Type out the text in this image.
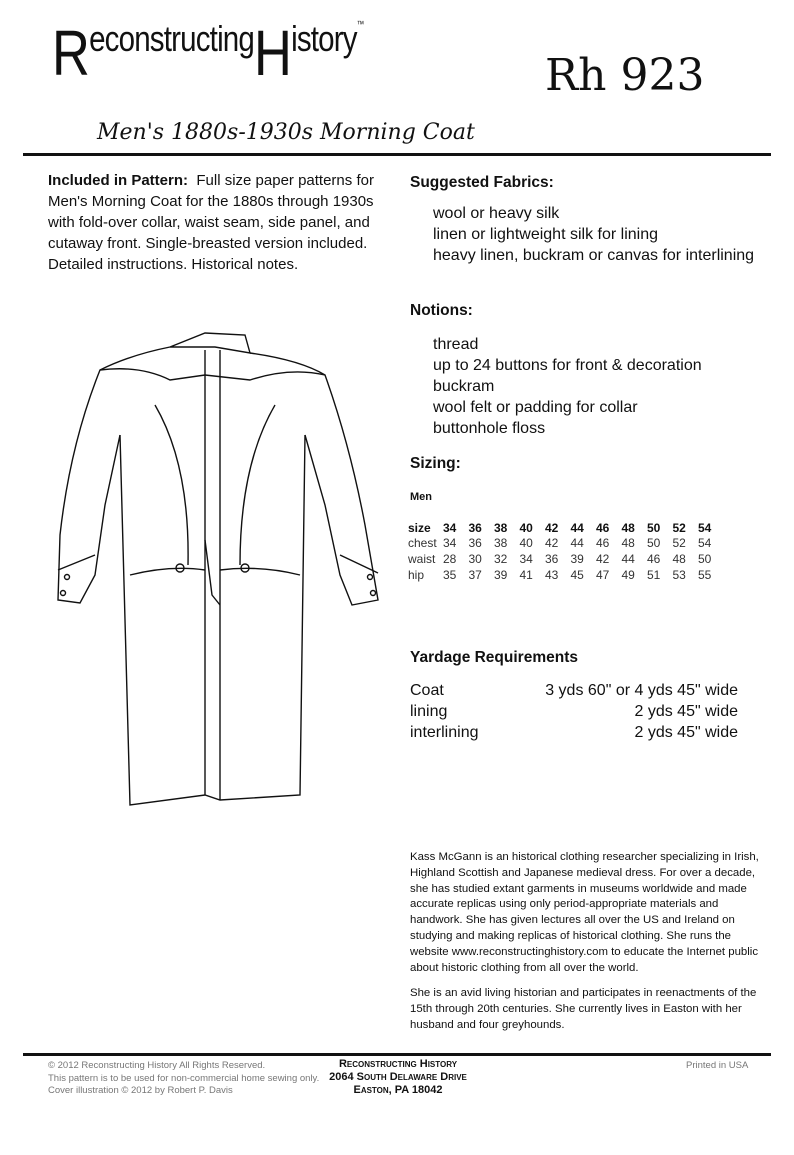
ReconstructingHistory™
Rh 923
Men's 1880s-1930s Morning Coat
Included in Pattern: Full size paper patterns for Men's Morning Coat for the 1880s through 1930s with fold-over collar, waist seam, side panel, and cutaway front. Single-breasted version included. Detailed instructions. Historical notes.
Suggested Fabrics:
wool or heavy silk
linen or lightweight silk for lining
heavy linen, buckram or canvas for interlining
Notions:
thread
up to 24 buttons for front & decoration
buckram
wool felt or padding for collar
buttonhole floss
Sizing:
Men
size	34	36	38	40	42	44	46	48	50	52	54
chest	34	36	38	40	42	44	46	48	50	52	54
waist	28	30	32	34	36	39	42	44	46	48	50
hip	35	37	39	41	43	45	47	49	51	53	55
Yardage Requirements
Coat	3 yds 60" or 4 yds 45" wide
lining	2 yds 45" wide
interlining	2 yds 45" wide

Kass McGann is an historical clothing researcher specializing in Irish, Highland Scottish and Japanese medieval dress. For over a decade, she has studied extant garments in museums worldwide and made accurate replicas using only period-appropriate materials and handwork. She has given lectures all over the US and Ireland on studying and making replicas of historical clothing. She runs the website www.reconstructinghistory.com to educate the Internet public about historic clothing from all over the world.

She is an avid living historian and participates in reenactments of the 15th through 20th centuries. She currently lives in Easton with her husband and four greyhounds.

© 2012 Reconstructing History All Rights Reserved.
This pattern is to be used for non-commercial home sewing only.
Cover illustration © 2012 by Robert P. Davis
Reconstructing History
2064 South Delaware Drive
Easton, PA 18042
Printed in USA
